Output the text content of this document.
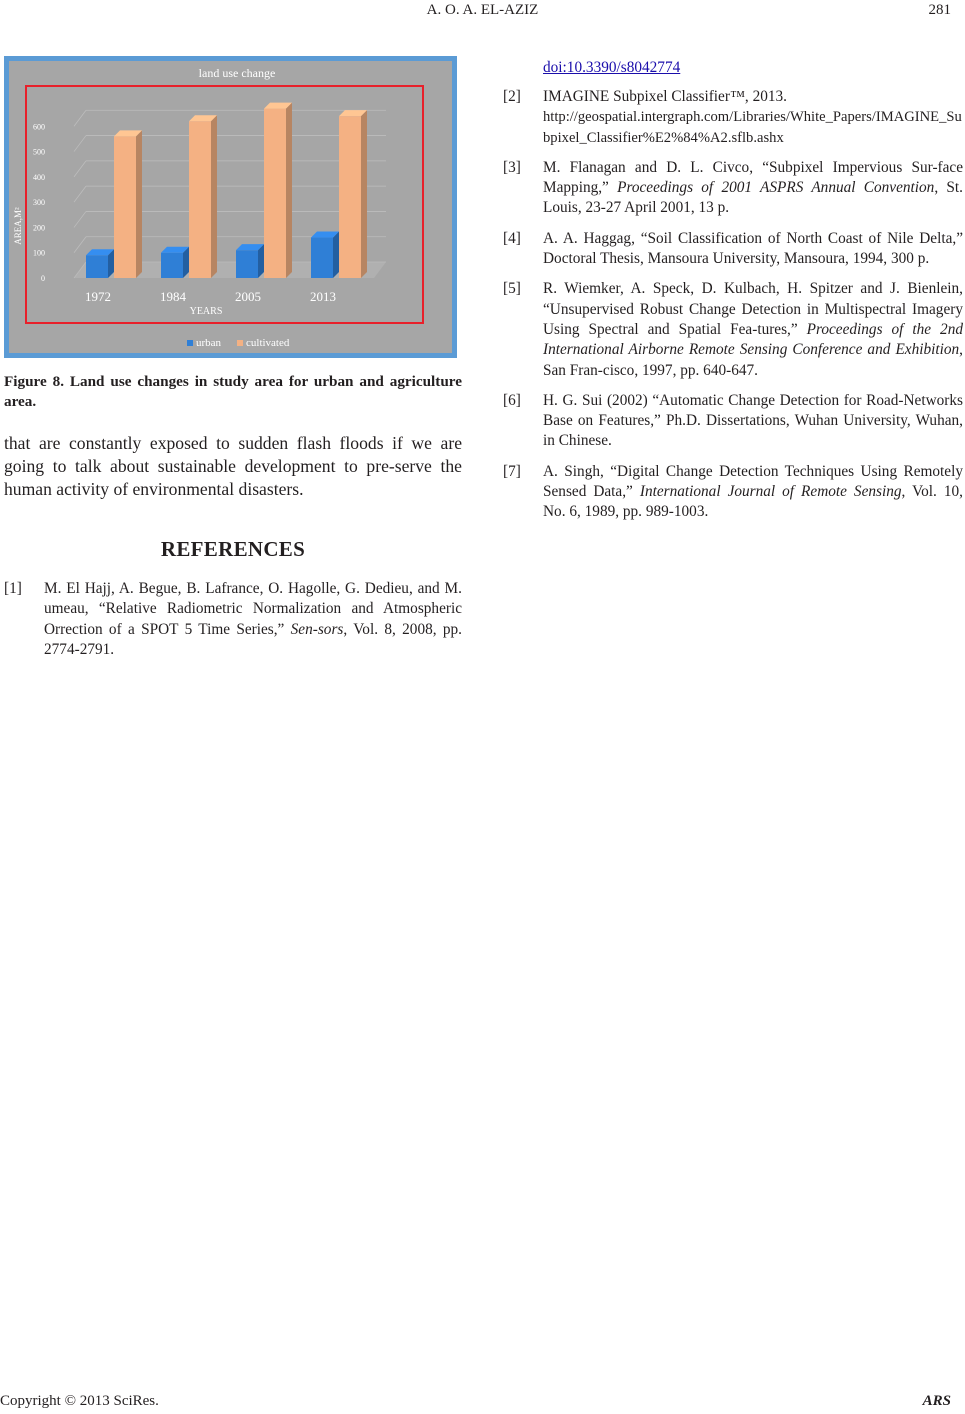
A. O. A. EL-AZIZ	281
land use change
0
100
200
300
400
500
600
AREA,M²
1972	1984	2005	2013
YEARS
urban cultivated
Figure 8. Land use changes in study area for urban and agriculture area.
that are constantly exposed to sudden flash floods if we are going to talk about sustainable development to pre-serve the human activity of environmental disasters.
REFERENCES
[1]	M. El Hajj, A. Begue, B. Lafrance, O. Hagolle, G. Dedieu, and M. umeau, “Relative Radiometric Normalization and Atmospheric Orrection of a SPOT 5 Time Series,” Sen-sors, Vol. 8, 2008, pp. 2774-2791.
doi:10.3390/s8042774
[2]	IMAGINE Subpixel Classifier™, 2013.
http://geospatial.intergraph.com/Libraries/White_Papers/IMAGINE_Subpixel_Classifier%E2%84%A2.sflb.ashx
[3]	M. Flanagan and D. L. Civco, “Subpixel Impervious Sur-face Mapping,” Proceedings of 2001 ASPRS Annual Convention, St. Louis, 23-27 April 2001, 13 p.
[4]	A. A. Haggag, “Soil Classification of North Coast of Nile Delta,” Doctoral Thesis, Mansoura University, Mansoura, 1994, 300 p.
[5]	R. Wiemker, A. Speck, D. Kulbach, H. Spitzer and J. Bienlein, “Unsupervised Robust Change Detection in Multispectral Imagery Using Spectral and Spatial Fea-tures,” Proceedings of the 2nd International Airborne Remote Sensing Conference and Exhibition, San Fran-cisco, 1997, pp. 640-647.
[6]	H. G. Sui (2002) “Automatic Change Detection for Road-Networks Base on Features,” Ph.D. Dissertations, Wuhan University, Wuhan, in Chinese.
[7]	A. Singh, “Digital Change Detection Techniques Using Remotely Sensed Data,” International Journal of Remote Sensing, Vol. 10, No. 6, 1989, pp. 989-1003.
Copyright © 2013 SciRes.	ARS
